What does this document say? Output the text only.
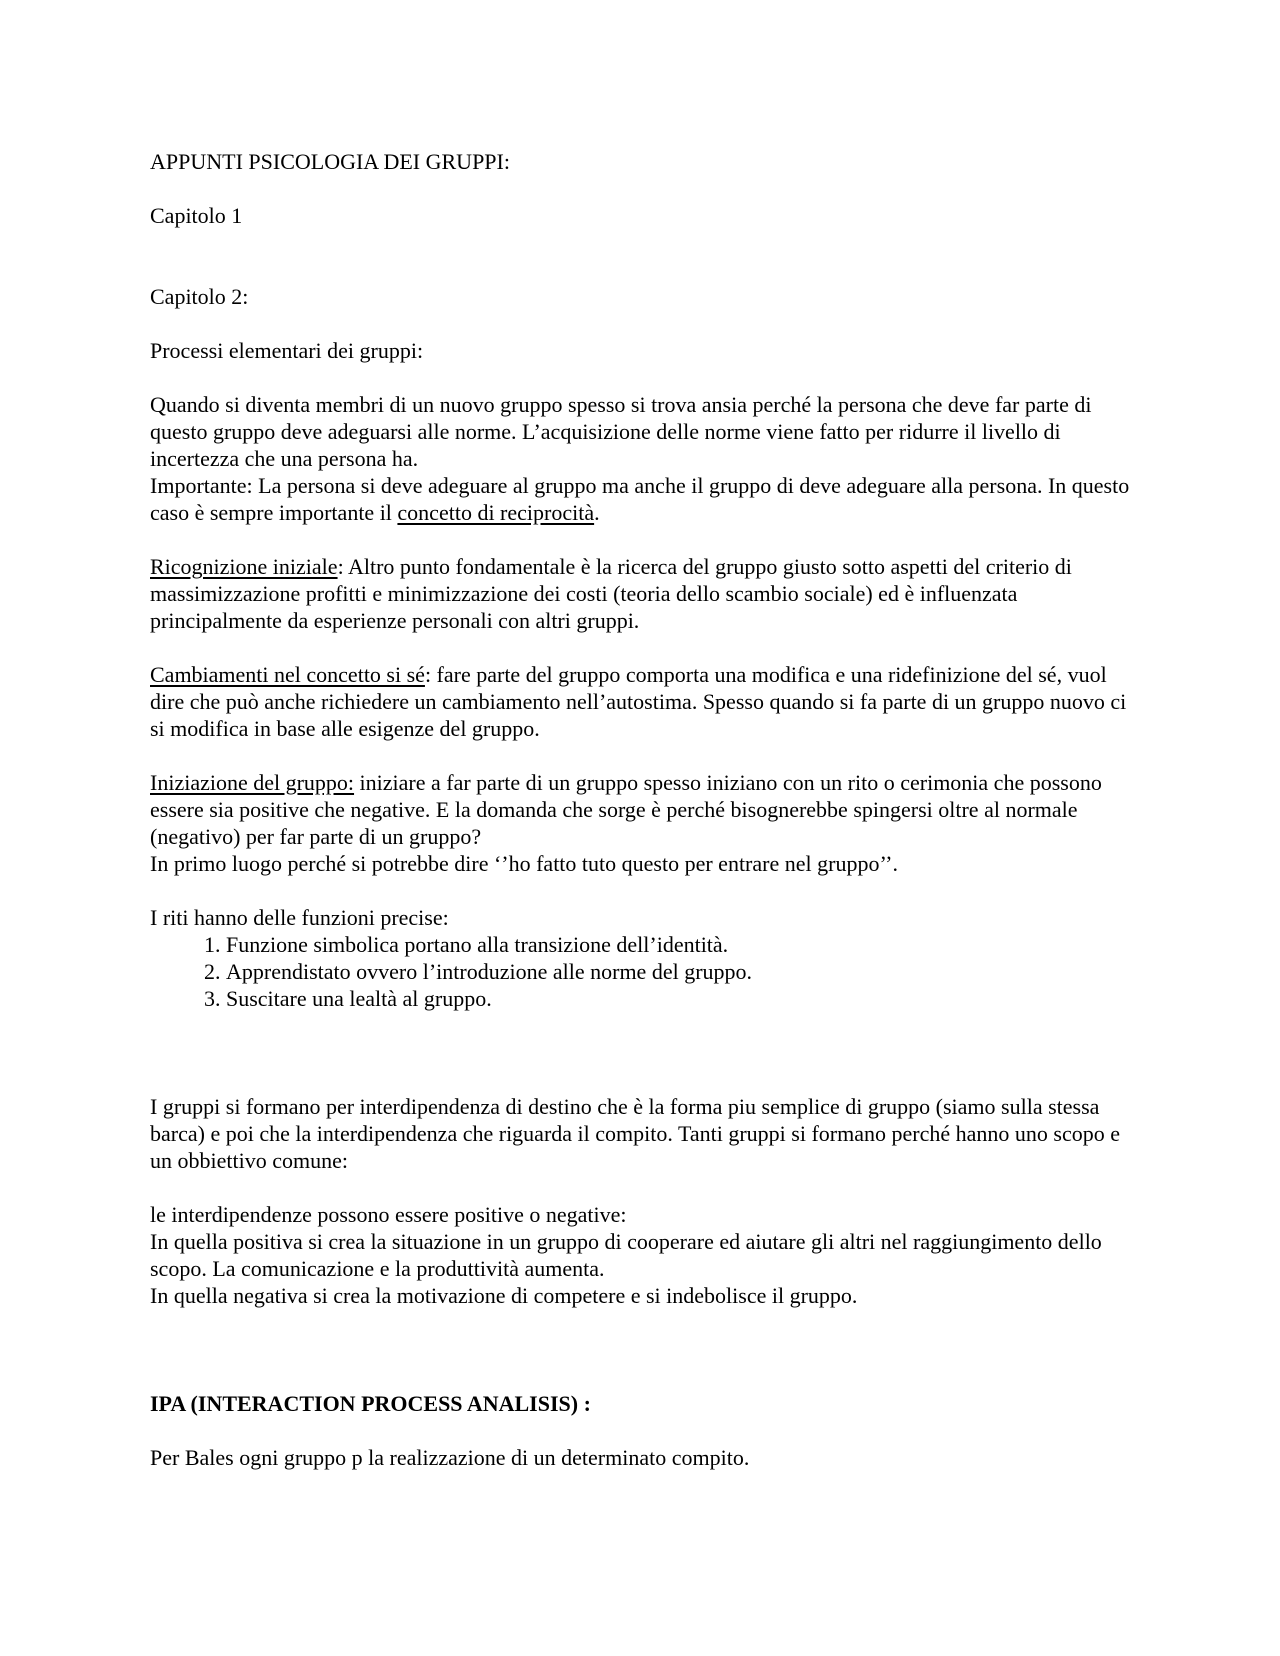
APPUNTI PSICOLOGIA DEI GRUPPI:

Capitolo 1

Capitolo 2:

Processi elementari dei gruppi:

Quando si diventa membri di un nuovo gruppo spesso si trova ansia perché la persona che deve far parte di questo gruppo deve adeguarsi alle norme. L’acquisizione delle norme viene fatto per ridurre il livello di incertezza che una persona ha.

Importante: La persona si deve adeguare al gruppo ma anche il gruppo di deve adeguare alla persona. In questo caso è sempre importante il concetto di reciprocità.

Ricognizione iniziale: Altro punto fondamentale è la ricerca del gruppo giusto sotto aspetti del criterio di massimizzazione profitti e minimizzazione dei costi (teoria dello scambio sociale) ed è influenzata principalmente da esperienze personali con altri gruppi.

Cambiamenti nel concetto si sé: fare parte del gruppo comporta una modifica e una ridefinizione del sé, vuol dire che può anche richiedere un cambiamento nell’autostima. Spesso quando si fa parte di un gruppo nuovo ci si modifica in base alle esigenze del gruppo.

Iniziazione del gruppo: iniziare a far parte di un gruppo spesso iniziano con un rito o cerimonia che possono essere sia positive che negative. E la domanda che sorge è perché bisognerebbe spingersi oltre al normale (negativo) per far parte di un gruppo?

In primo luogo perché si potrebbe dire ‘’ho fatto tuto questo per entrare nel gruppo’’.

I riti hanno delle funzioni precise:

1. Funzione simbolica portano alla transizione dell’identità.
2. Apprendistato ovvero l’introduzione alle norme del gruppo.
3. Suscitare una lealtà al gruppo.

I gruppi si formano per interdipendenza di destino che è la forma piu semplice di gruppo (siamo sulla stessa barca) e poi che la interdipendenza che riguarda il compito. Tanti gruppi si formano perché hanno uno scopo e un obbiettivo comune:

le interdipendenze possono essere positive o negative:

In quella positiva si crea la situazione in un gruppo di cooperare ed aiutare gli altri nel raggiungimento dello scopo. La comunicazione e la produttività aumenta.

In quella negativa si crea la motivazione di competere e si indebolisce il gruppo.

IPA (INTERACTION PROCESS ANALISIS) :

Per Bales ogni gruppo p la realizzazione di un determinato compito.
